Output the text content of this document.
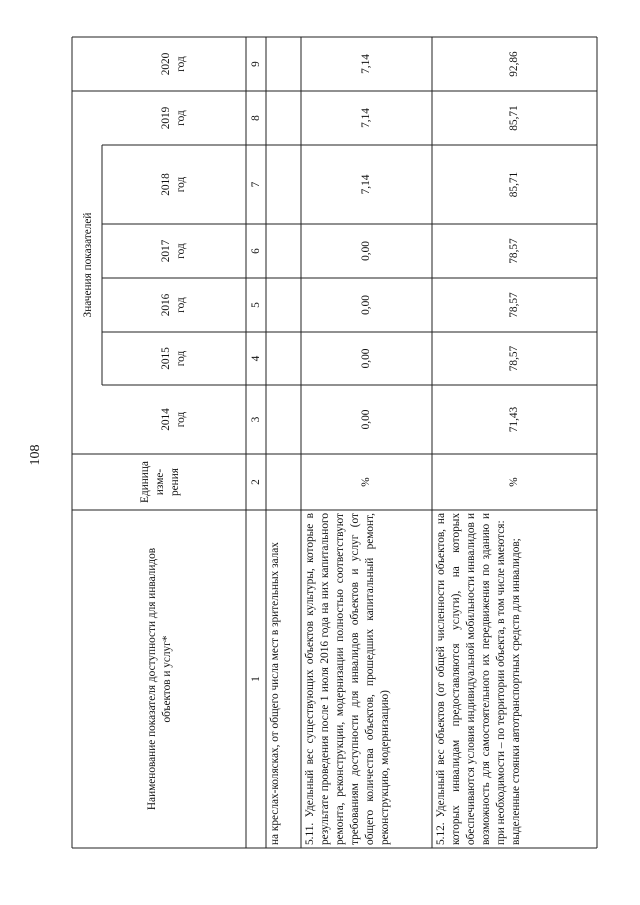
108
Наименование показателя доступности для инвалидов
объектов и услуг*
Единица
изме-
рения
Значения показателей
2014
год
2015
год
2016
год
2017
год
2018
год
2019
год
2020
год
1
2
3
4
5
6
7
8
9
на креслах-колясках, от общего числа мест в зрительных залах	5.11. Удельный вес существующих объектов культуры, которые в результате проведения после 1 июля 2016 года на них капитального ремонта, реконструкции, модернизации полностью соответствуют требованиям доступности для инвалидов объектов и услуг (от общего количества объектов, прошедших капитальный ремонт, реконструкцию, модернизацию)
%
0,00
0,00
0,00
0,00
7,14
7,14
7,14
5.12. Удельный вес объектов (от общей численности объектов, на которых инвалидам предоставляются услуги), на которых обеспечиваются условия индивидуальной мобильности инвалидов и возможность для самостоятельного их передвижения по зданию и при необходимости – по территории объекта, в том числе имеются:
выделенные стоянки автотранспортных средств для инвалидов;
%
71,43
78,57
78,57
78,57
85,71
85,71
92,86
